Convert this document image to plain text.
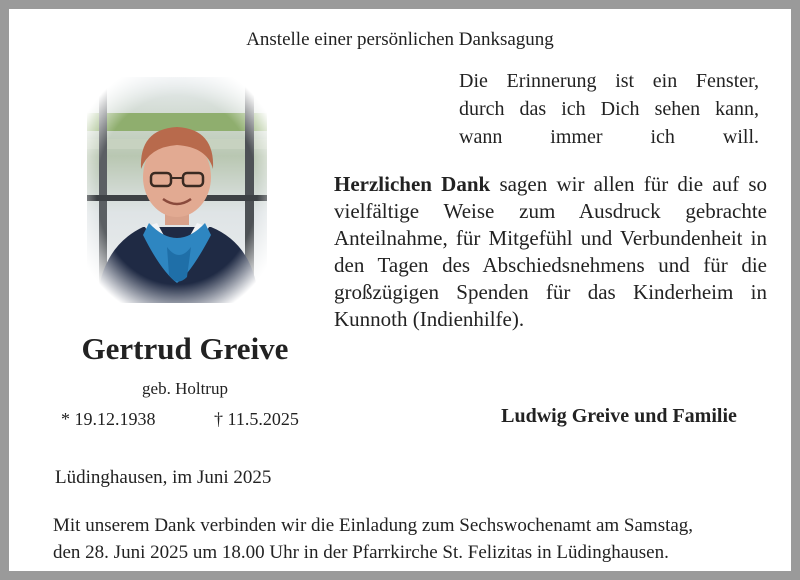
Anstelle einer persönlichen Danksagung
Die Erinnerung ist ein Fenster,
durch das ich Dich sehen kann,
wann immer ich will.
Herzlichen Dank sagen wir allen für die auf so vielfältige Weise zum Ausdruck gebrachte Anteilnahme, für Mitgefühl und Verbundenheit in den Tagen des Abschiedsnehmens und für die großzügigen Spenden für das Kinderheim in Kunnoth (Indienhilfe).
Gertrud Greive
geb. Holtrup
* 19.12.1938	† 11.5.2025	Ludwig Greive und Familie
Lüdinghausen, im Juni 2025
Mit unserem Dank verbinden wir die Einladung zum Sechswochenamt am Samstag,
den 28. Juni 2025 um 18.00 Uhr in der Pfarrkirche St. Felizitas in Lüdinghausen.
